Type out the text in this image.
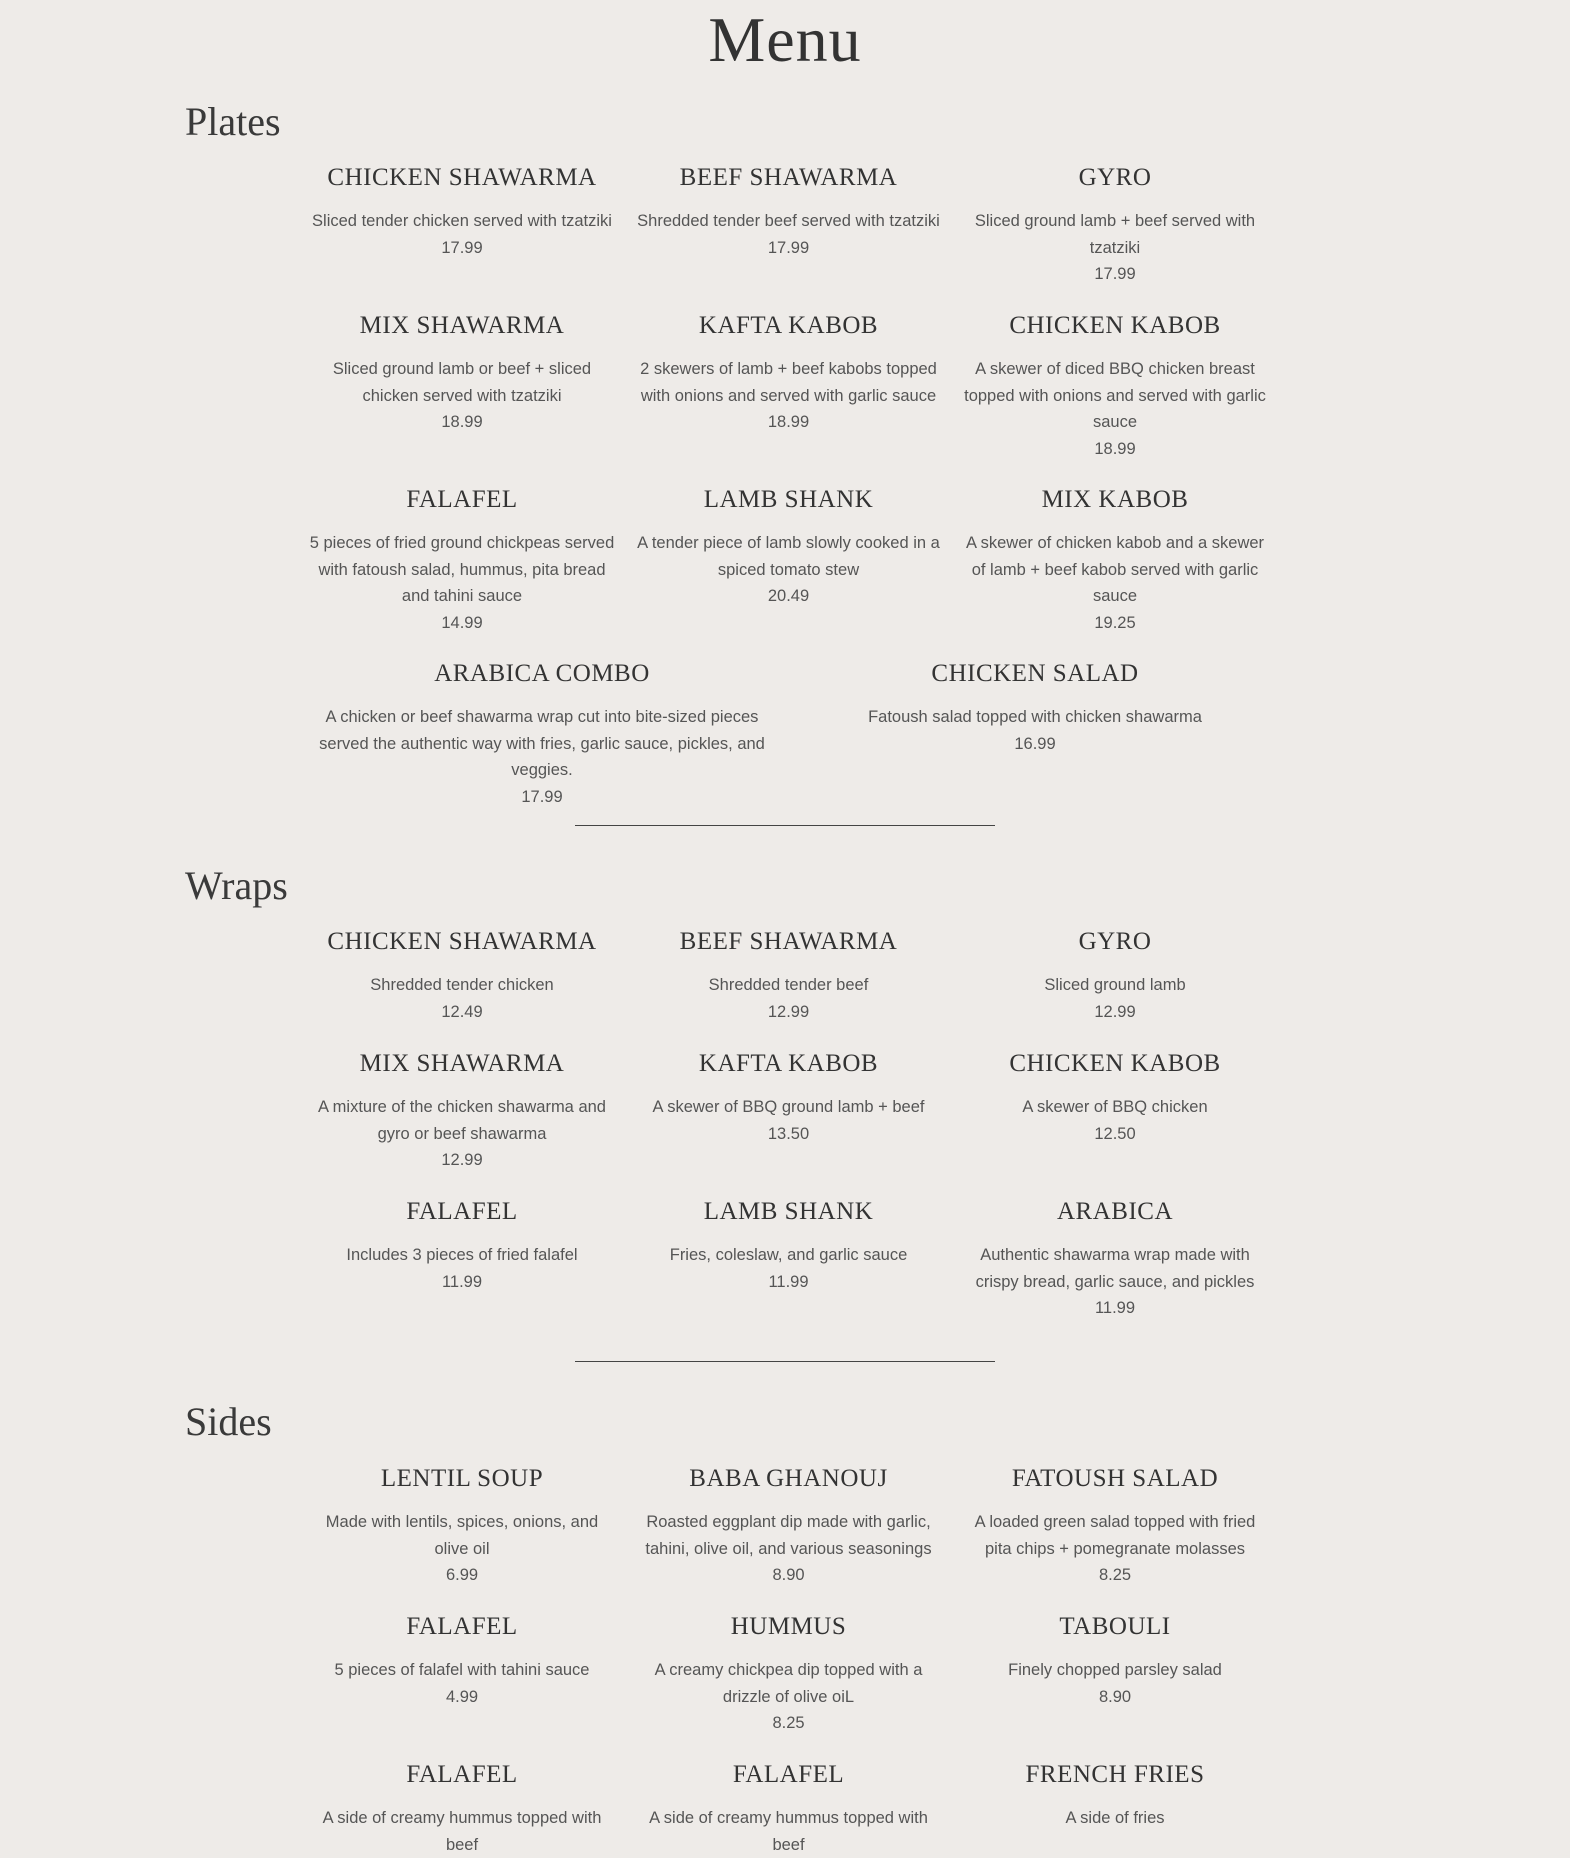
Menu
Plates
CHICKEN SHAWARMA

Sliced tender chicken served with tzatziki

17.99

BEEF SHAWARMA

Shredded tender beef served with tzatziki

17.99

GYRO

Sliced ground lamb + beef served with tzatziki

17.99

MIX SHAWARMA

Sliced ground lamb or beef + sliced chicken served with tzatziki

18.99

KAFTA KABOB

2 skewers of lamb + beef kabobs topped with onions and served with garlic sauce

18.99

CHICKEN KABOB

A skewer of diced BBQ chicken breast topped with onions and served with garlic sauce

18.99

FALAFEL

5 pieces of fried ground chickpeas served with fatoush salad, hummus, pita bread and tahini sauce

14.99

LAMB SHANK

A tender piece of lamb slowly cooked in a spiced tomato stew

20.49

MIX KABOB

A skewer of chicken kabob and a skewer of lamb + beef kabob served with garlic sauce

19.25

ARABICA COMBO

A chicken or beef shawarma wrap cut into bite-sized pieces served the authentic way with fries, garlic sauce, pickles, and veggies.

17.99

CHICKEN SALAD

Fatoush salad topped with chicken shawarma

16.99

Wraps
CHICKEN SHAWARMA

Shredded tender chicken

12.49

BEEF SHAWARMA

Shredded tender beef

12.99

GYRO

Sliced ground lamb

12.99

MIX SHAWARMA

A mixture of the chicken shawarma and gyro or beef shawarma

12.99

KAFTA KABOB

A skewer of BBQ ground lamb + beef

13.50

CHICKEN KABOB

A skewer of BBQ chicken

12.50

FALAFEL

Includes 3 pieces of fried falafel

11.99

LAMB SHANK

Fries, coleslaw, and garlic sauce

11.99

ARABICA

Authentic shawarma wrap made with crispy bread, garlic sauce, and pickles

11.99

Sides
LENTIL SOUP

Made with lentils, spices, onions, and olive oil

6.99

BABA GHANOUJ

Roasted eggplant dip made with garlic, tahini, olive oil, and various seasonings

8.90

FATOUSH SALAD

A loaded green salad topped with fried pita chips + pomegranate molasses

8.25

FALAFEL

5 pieces of falafel with tahini sauce

4.99

HUMMUS

A creamy chickpea dip topped with a drizzle of olive oiL

8.25

TABOULI

Finely chopped parsley salad

8.90

FALAFEL

A side of creamy hummus topped with beef

FALAFEL

A side of creamy hummus topped with beef

FRENCH FRIES

A side of fries
